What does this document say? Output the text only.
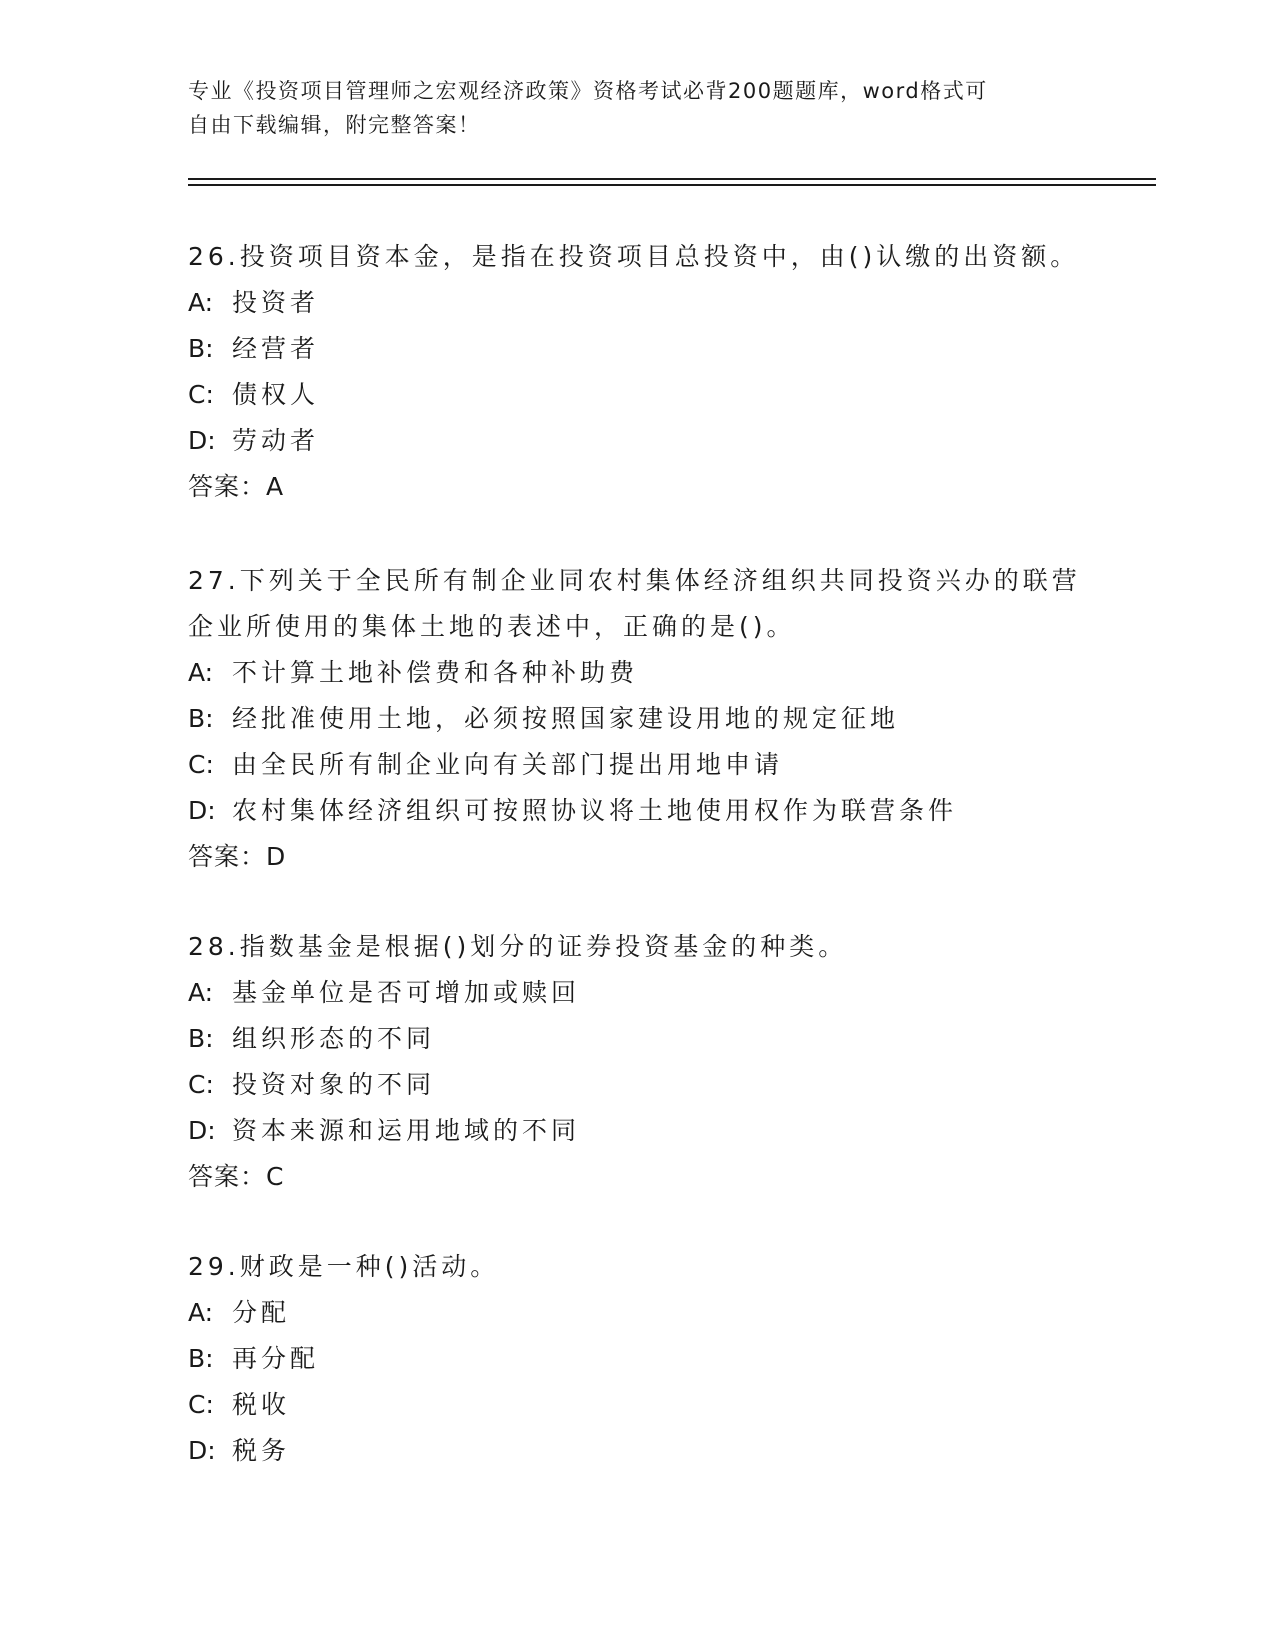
专业《投资项目管理师之宏观经济政策》资格考试必背200题题库，word格式可
自由下载编辑，附完整答案！
26.投资项目资本金，是指在投资项目总投资中，由()认缴的出资额。
A: 投资者
B: 经营者
C: 债权人
D: 劳动者
答案：A
27.下列关于全民所有制企业同农村集体经济组织共同投资兴办的联营
企业所使用的集体土地的表述中，正确的是()。
A: 不计算土地补偿费和各种补助费
B: 经批准使用土地，必须按照国家建设用地的规定征地
C: 由全民所有制企业向有关部门提出用地申请
D: 农村集体经济组织可按照协议将土地使用权作为联营条件
答案：D
28.指数基金是根据()划分的证券投资基金的种类。
A: 基金单位是否可增加或赎回
B: 组织形态的不同
C: 投资对象的不同
D: 资本来源和运用地域的不同
答案：C
29.财政是一种()活动。
A: 分配
B: 再分配
C: 税收
D: 税务
